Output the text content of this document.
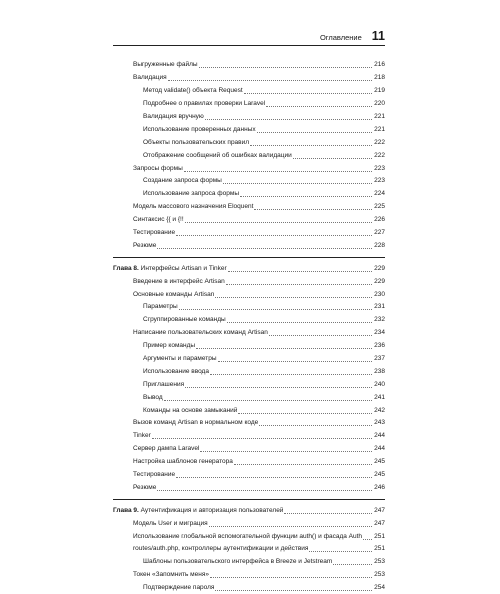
Оглавление 11
Выгруженные файлы	216
Валидация	218
Метод validate() объекта Request	219
Подробнее о правилах проверки Laravel	220
Валидация вручную	221
Использование проверенных данных	221
Объекты пользовательских правил	222
Отображение сообщений об ошибках валидации	222
Запросы формы	223
Создание запроса формы	223
Использование запроса формы	224
Модель массового назначения Eloquent	225
Синтаксис {{ и {!!	226
Тестирование	227
Резюме	228
Глава 8. Интерфейсы Artisan и Tinker	229
Введение в интерфейс Artisan	229
Основные команды Artisan	230
Параметры	231
Сгруппированные команды	232
Написание пользовательских команд Artisan	234
Пример команды	236
Аргументы и параметры	237
Использование ввода	238
Приглашения	240
Вывод	241
Команды на основе замыканий	242
Вызов команд Artisan в нормальном коде	243
Tinker	244
Сервер дампа Laravel	244
Настройка шаблонов генератора	245
Тестирование	245
Резюме	246
Глава 9. Аутентификация и авторизация пользователей	247
Модель User и миграция	247
Использование глобальной вспомогательной функции auth() и фасада Auth	251
routes/auth.php, контроллеры аутентификации и действия	251
Шаблоны пользовательского интерфейса в Breeze и Jetstream	253
Токен «Запомнить меня»	253
Подтверждение пароля	254
